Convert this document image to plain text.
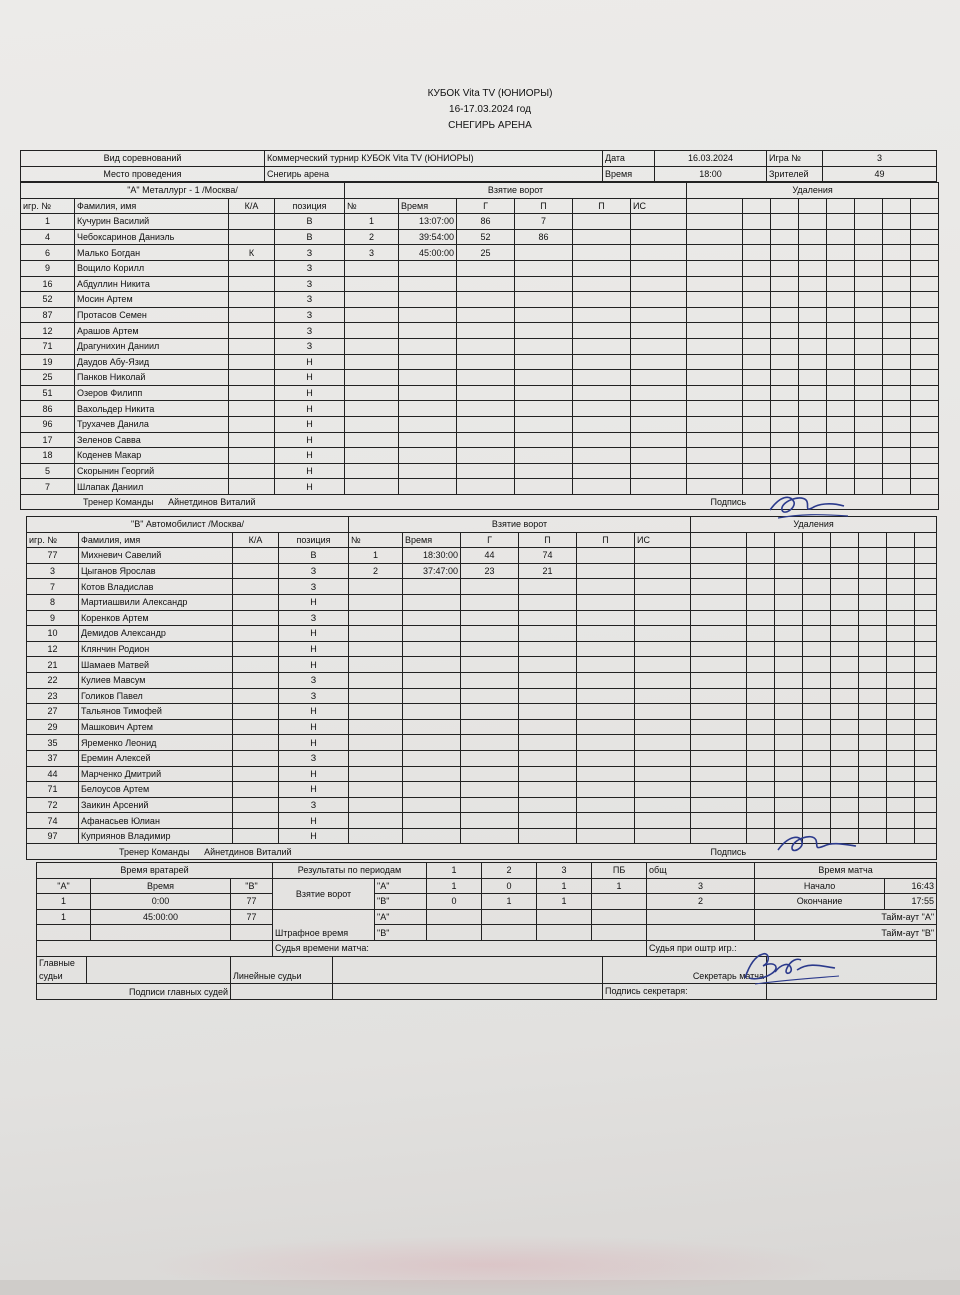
КУБОК Vita TV (ЮНИОРЫ)
16-17.03.2024 год
СНЕГИРЬ АРЕНА
Вид соревнований	Коммерческий турнир КУБОК Vita TV (ЮНИОРЫ)	Дата	16.03.2024	Игра №	3
Место проведения	Снегирь арена	Время	18:00	Зрителей	49
"А" Металлург - 1 /Москва/				Взятие ворот						Удаления							
игр. №	Фамилия, имя	К/А	позиция	№	Время	Г	П	П	ИС								
1	Кучурин Василий		В	1	13:07:00	86	7										
4	Чебоксаринов Даниэль		В	2	39:54:00	52	86										
6	Малько Богдан	К	З	3	45:00:00	25											
9	Вощило Корилл		З														
16	Абдуллин Никита		З														
52	Мосин Артем		З														
87	Протасов Семен		З														
12	Арашов Артем		З														
71	Драгунихин Даниил		З														
19	Даудов Абу-Язид		Н														
25	Панков Николай		Н														
51	Озеров Филипп		Н														
86	Вахольдер Никита		Н														
96	Трухачев Данила		Н														
17	Зеленов Савва		Н														
18	Коденев Макар		Н														
5	Скорынин Георгий		Н														
7	Шлапак Даниил		Н														
Тренер Команды Айнетдинов Виталий Подпись																	
"В" Автомобилист /Москва/				Взятие ворот						Удаления							
игр. №	Фамилия, имя	К/А	позиция	№	Время	Г	П	П	ИС								
77	Михневич Савелий		В	1	18:30:00	44	74										
3	Цыганов Ярослав		З	2	37:47:00	23	21										
7	Котов Владислав		З														
8	Мартиашвили Александр		Н														
9	Коренков Артем		З														
10	Демидов Александр		Н														
12	Клянчин Родион		Н														
21	Шамаев Матвей		Н														
22	Кулиев Мавсум		З														
23	Голиков Павел		З														
27	Тальянов Тимофей		Н														
29	Машкович Артем		Н														
35	Яременко Леонид		Н														
37	Еремин Алексей		З														
44	Марченко Дмитрий		Н														
71	Белоусов Артем		Н														
72	Заикин Арсений		З														
74	Афанасьев Юлиан		Н														
97	Куприянов Владимир		Н														
Тренер Команды Айнетдинов Виталий Подпись																	
Время вратарей			Результаты по периодам		1	2	3	ПБ	общ	Время матча	
"А"	Время	"В"	Взятие ворот	"А"	1	0	1	1	3	Начало	16:43
1	0:00	77		"В"	0	1	1		2	Окончание	17:55
1	45:00:00	77	Штрафное время	"А"						Тайм-аут "А"	
				"В"						Тайм-аут "В"	
			Судья времени матча:						Судья при оштр игр.:		
Главные судьи		Линейные судьи		Секретарь матча	
Подписи главных судей				Подпись секретаря:	
